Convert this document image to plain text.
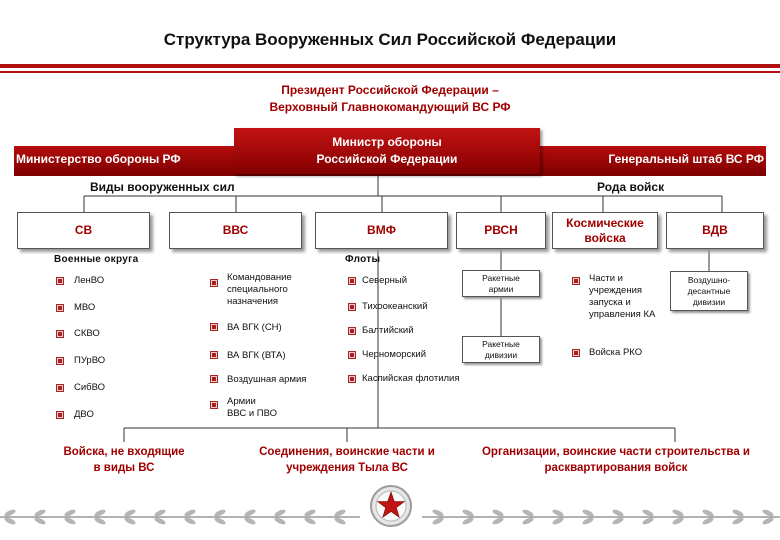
Структура Вооруженных Сил Российской Федерации
Президент Российской Федерации –
Верховный Главнокомандующий ВС РФ
Министерство обороны РФ	Генеральный штаб ВС РФ
Министр обороны
Российской Федерации
Виды вооруженных сил	Рода войск
СВ	ВВС	ВМФ	РВСН
Космические
войска
ВДВ
Военные округа
ЛенВО
МВО
СКВО
ПУрВО
СибВО
ДВО
Командование
специального
назначения
ВА ВГК (СН)
ВА ВГК (ВТА)
Воздушная армия
Армии
ВВС и ПВО
Флоты
Северный
Тихоокеанский
Балтийский
Черноморский
Каспийская флотилия
Ракетные
армии
Ракетные
дивизии
Части и
учреждения
запуска и
управления КА
Войска РКО
Воздушно-
десантные
дивизии
Войска, не входящие
в виды ВС
Соединения, воинские части и
учреждения Тыла ВС
Организации, воинские части строительства и
расквартирования войск
